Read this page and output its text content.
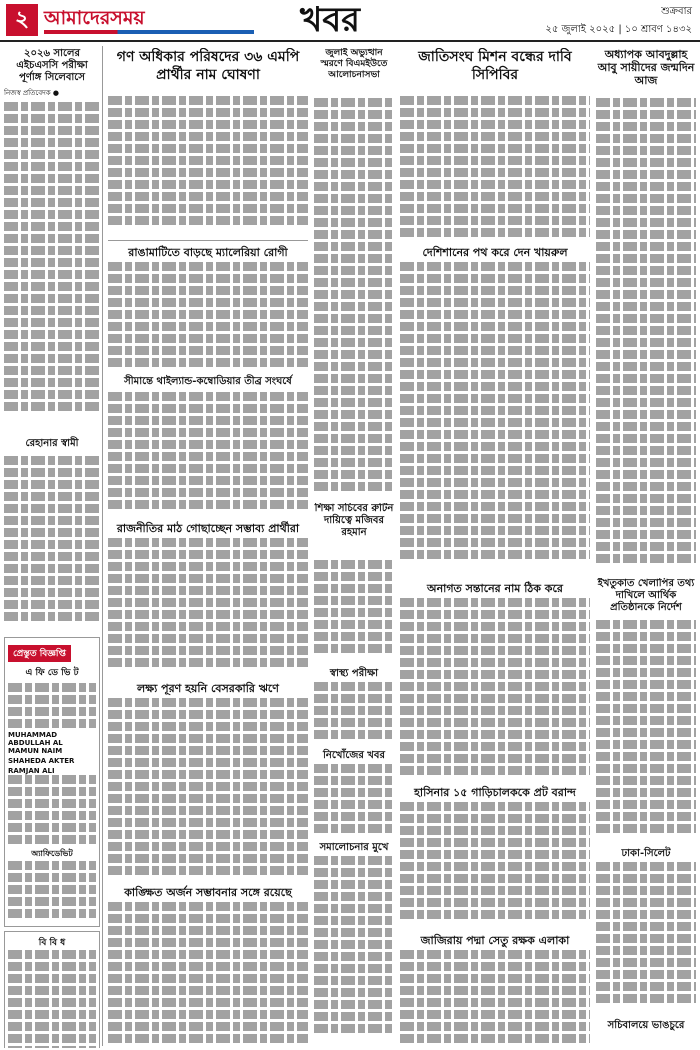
২ আমাদেরসময়	খবর	শুক্রবার
২৫ জুলাই ২০২৫ | ১০ শ্রাবণ ১৪৩২
২০২৬ সালের এইচএসসি পরীক্ষা পূর্ণাঙ্গ সিলেবাসে
নিজস্ব প্রতিবেদক ●
রেহানার স্বামী
প্রেস্তুত বিজ্ঞপ্তি
এ ফি ডে ভি ট
MUHAMMAD ABDULLAH AL MAMUN NAIM
SHAHEDA AKTER
RAMJAN ALI
অ্যাফিডেভিট
বি বি ধ
গণ অধিকার পরিষদের ৩৬ এমপি প্রার্থীর নাম ঘোষণা
জুলাই অভ্যুত্থান স্মরণে বিএমইউতে আলোচনাসভা
জাতিসংঘ মিশন বন্ধের দাবি সিপিবির
অধ্যাপক আবদুল্লাহ আবু সায়ীদের জন্মদিন আজ
রাঙামাটিতে বাড়ছে ম্যালেরিয়া রোগী
সীমান্তে থাইল্যান্ড-কম্বোডিয়ার তীব্র সংঘর্ষে
দেশিশানের পথ করে দেন খায়রুল
শিক্ষা সচিবের রুটিন দায়িত্বে মজিবর রহমান
রাজনীতির মাঠ গোছাচ্ছেন সম্ভাব্য প্রার্থীরা
স্বাস্থ্য পরীক্ষা
ইখতুকাত খেলাপির তথ্য দাখিলে আর্থিক প্রতিষ্ঠানকে নির্দেশ
নিখোঁজের খবর
লক্ষ্য পূরণ হয়নি বেসরকারি ঋণে
ঢাকা-সিলেট
অনাগত সন্তানের নাম ঠিক করে
সমালোচনার মুখে
হাসিনার ১৫ গাড়িচালককে প্রট বরান্দ
কাঙ্ক্ষিত অর্জন সম্ভাবনার সঙ্গে রয়েছে
জাজিরায় পদ্মা সেতু রক্ষক এলাকা
সচিবালয়ে ভাঙচুরে
